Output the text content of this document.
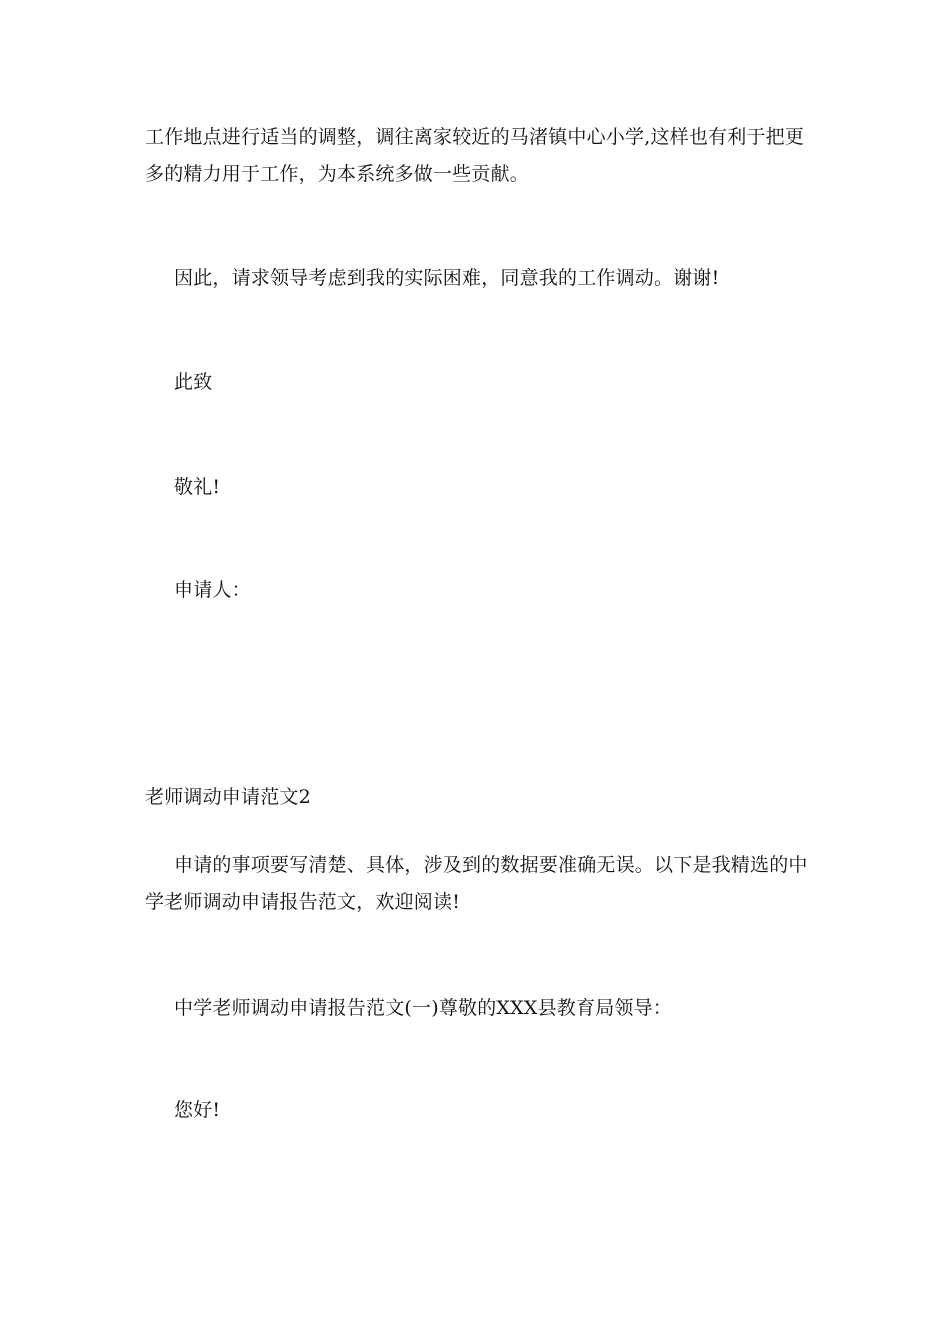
工作地点进行适当的调整，调往离家较近的马渚镇中心小学,这样也有利于把更
多的精力用于工作，为本系统多做一些贡献。
因此，请求领导考虑到我的实际困难，同意我的工作调动。谢谢!
此致
敬礼!
申请人：
老师调动申请范文2
申请的事项要写清楚、具体，涉及到的数据要准确无误。以下是我精选的中
学老师调动申请报告范文，欢迎阅读!
中学老师调动申请报告范文(一)尊敬的XXX县教育局领导：
您好!
